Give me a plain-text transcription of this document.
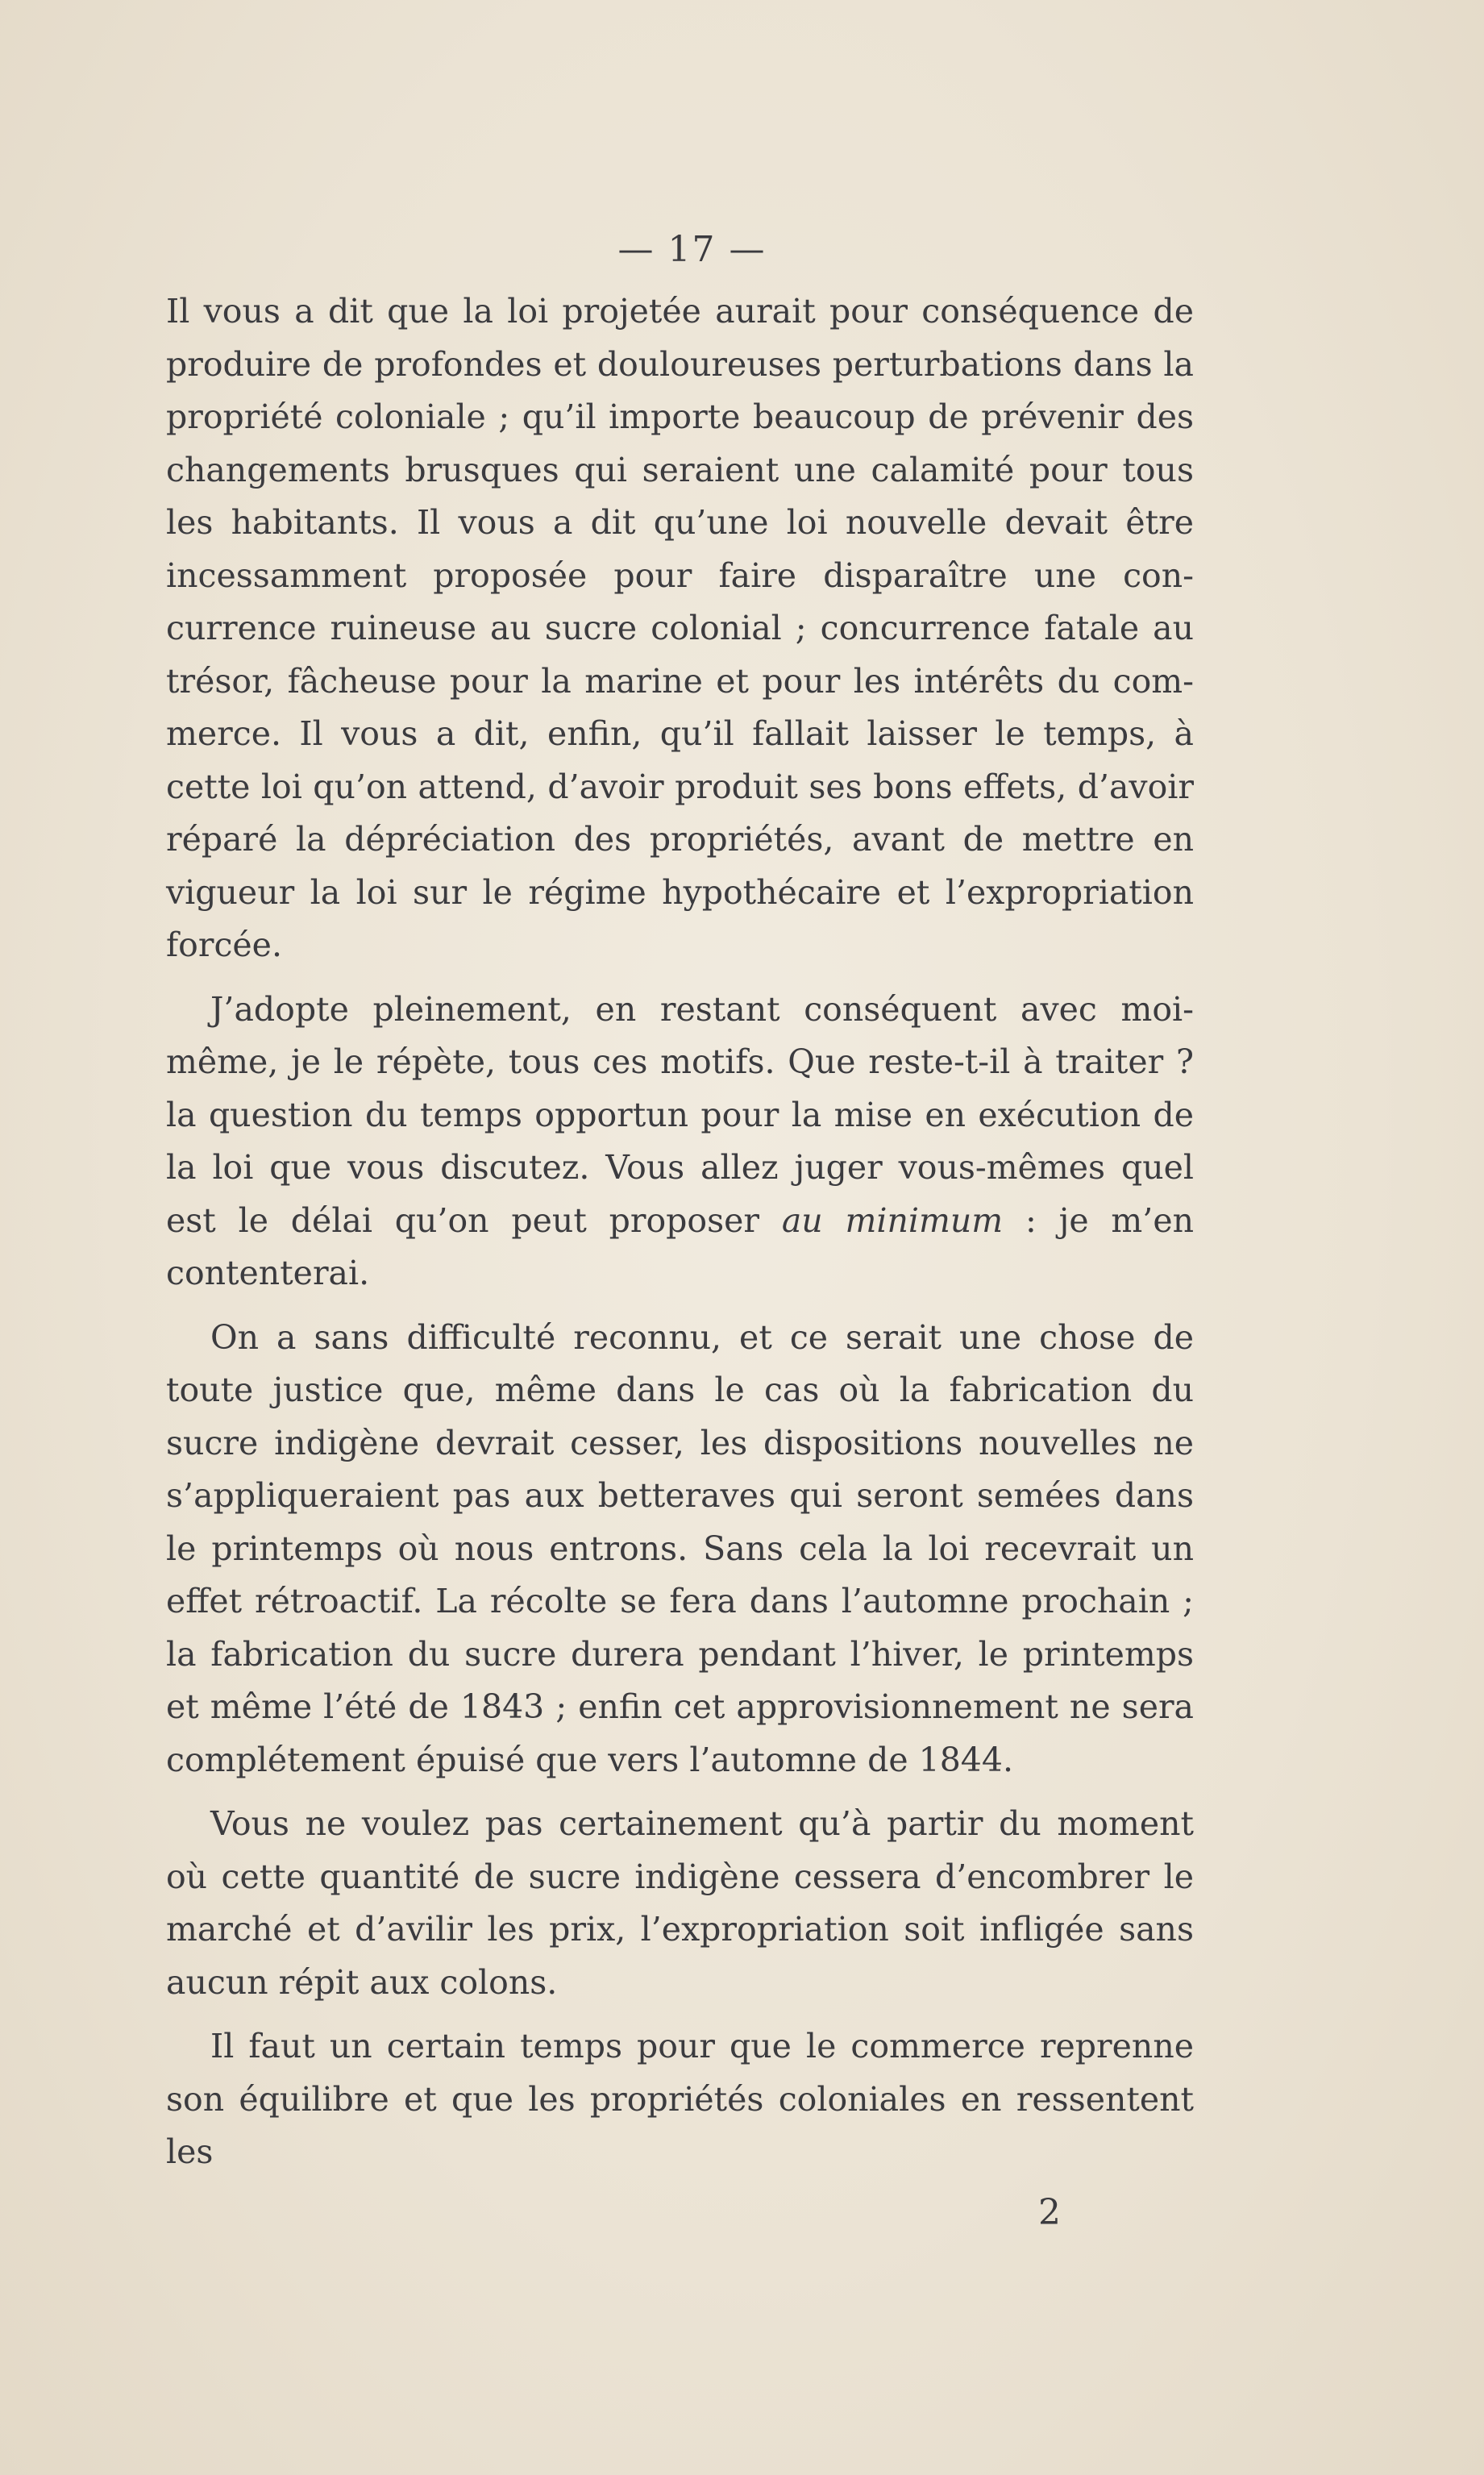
— 17 —

Il vous a dit que la loi projetée aurait pour conséquence de produire de profondes et douloureuses perturbations dans la propriété coloniale ; qu’il importe beaucoup de prévenir des changements brusques qui seraient une calamité pour tous les habitants. Il vous a dit qu’une loi nouvelle devait être incessamment proposée pour faire disparaître une concurrence ruineuse au sucre colonial ; concurrence fatale au trésor, fâcheuse pour la marine et pour les intérêts du commerce. Il vous a dit, enfin, qu’il fallait laisser le temps, à cette loi qu’on attend, d’avoir produit ses bons effets, d’avoir réparé la dépréciation des propriétés, avant de mettre en vigueur la loi sur le régime hypothécaire et l’expropriation forcée.

J’adopte pleinement, en restant conséquent avec moi-même, je le répète, tous ces motifs. Que reste-t-il à traiter ? la question du temps opportun pour la mise en exécution de la loi que vous discutez. Vous allez juger vous-mêmes quel est le délai qu’on peut proposer au minimum : je m’en contenterai.

On a sans difficulté reconnu, et ce serait une chose de toute justice que, même dans le cas où la fabrication du sucre indigène devrait cesser, les dispositions nouvelles ne s’appliqueraient pas aux betteraves qui seront semées dans le printemps où nous entrons. Sans cela la loi recevrait un effet rétroactif. La récolte se fera dans l’automne prochain ; la fabrication du sucre durera pendant l’hiver, le printemps et même l’été de 1843 ; enfin cet approvisionnement ne sera complétement épuisé que vers l’automne de 1844.

Vous ne voulez pas certainement qu’à partir du moment où cette quantité de sucre indigène cessera d’encombrer le marché et d’avilir les prix, l’expropriation soit infligée sans aucun répit aux colons.

Il faut un certain temps pour que le commerce reprenne son équilibre et que les propriétés coloniales en ressentent les

2
